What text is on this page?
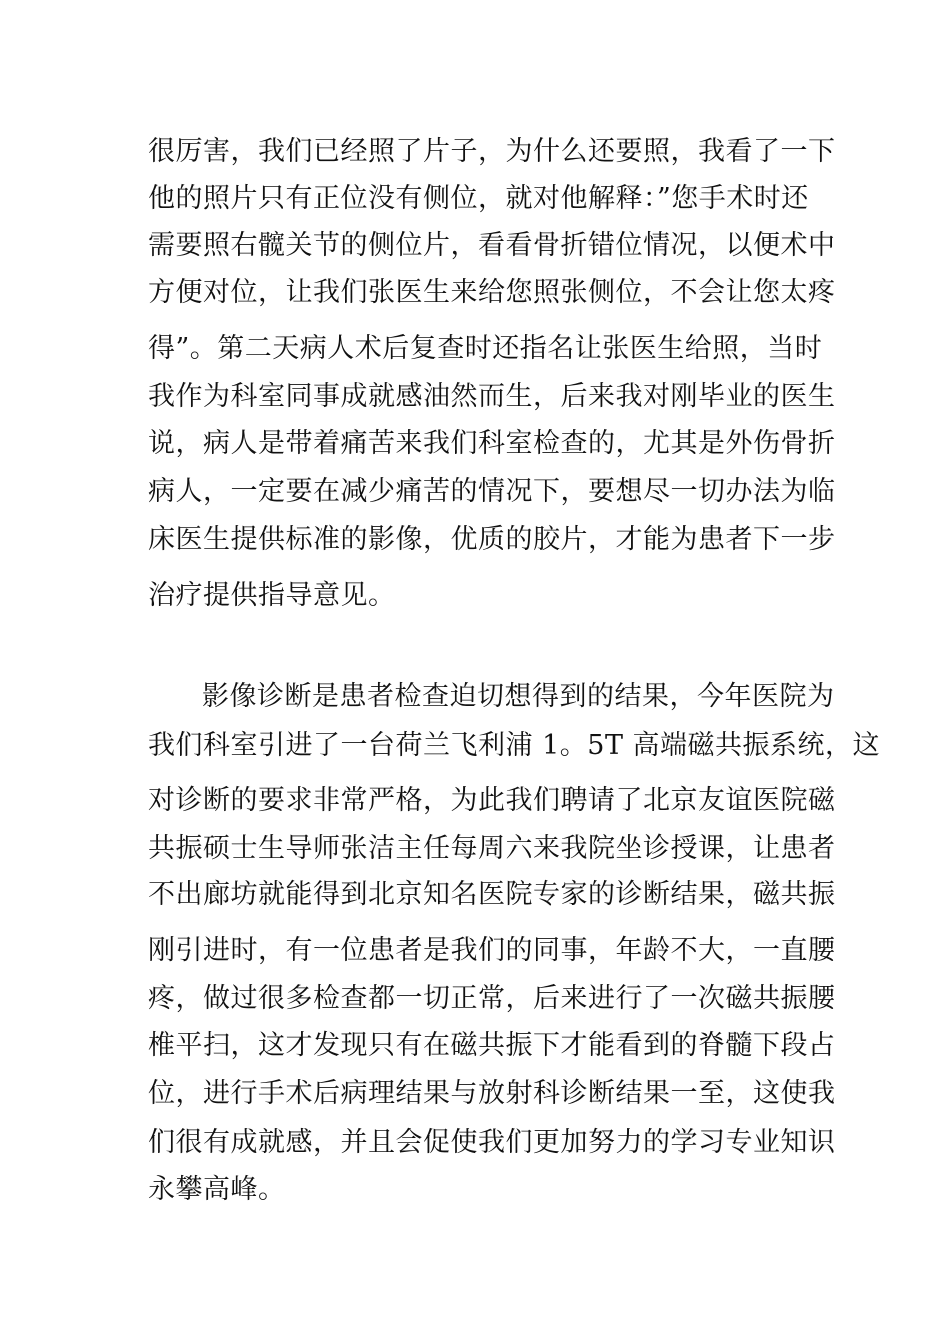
很厉害，我们已经照了片子，为什么还要照，我看了一下
他的照片只有正位没有侧位，就对他解释：”您手术时还
需要照右髋关节的侧位片，看看骨折错位情况，以便术中
方便对位，让我们张医生来给您照张侧位，不会让您太疼
得”。第二天病人术后复查时还指名让张医生给照，当时
我作为科室同事成就感油然而生，后来我对刚毕业的医生
说，病人是带着痛苦来我们科室检查的，尤其是外伤骨折
病人，一定要在减少痛苦的情况下，要想尽一切办法为临
床医生提供标准的影像，优质的胶片，才能为患者下一步
治疗提供指导意见。
影像诊断是患者检查迫切想得到的结果，今年医院为
我们科室引进了一台荷兰飞利浦 1。5T 高端磁共振系统，这
对诊断的要求非常严格，为此我们聘请了北京友谊医院磁
共振硕士生导师张洁主任每周六来我院坐诊授课，让患者
不出廊坊就能得到北京知名医院专家的诊断结果，磁共振
刚引进时，有一位患者是我们的同事，年龄不大，一直腰
疼，做过很多检查都一切正常，后来进行了一次磁共振腰
椎平扫，这才发现只有在磁共振下才能看到的脊髓下段占
位，进行手术后病理结果与放射科诊断结果一至，这使我
们很有成就感，并且会促使我们更加努力的学习专业知识
永攀高峰。
